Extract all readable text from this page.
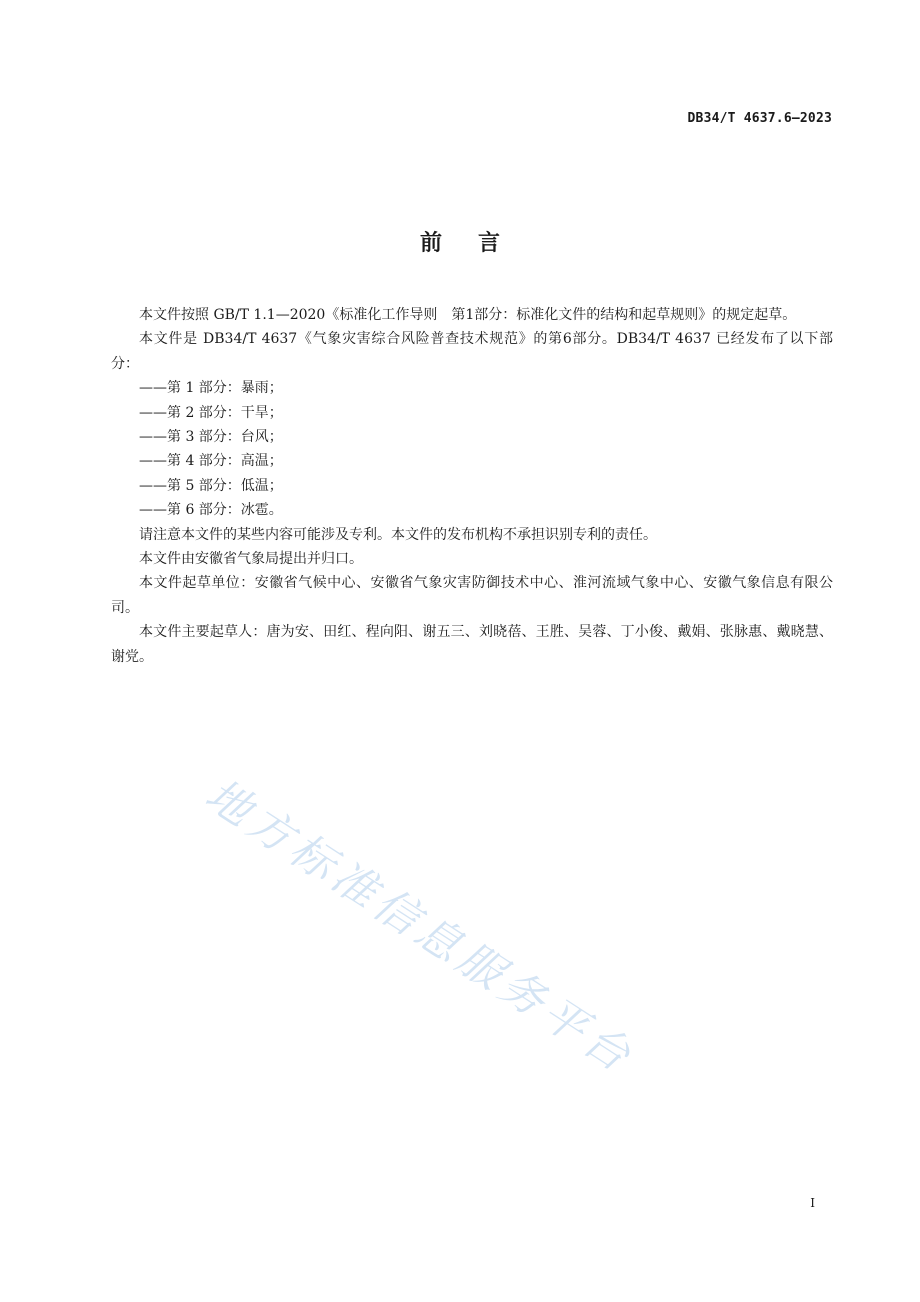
DB34/T 4637.6—2023
前言

本文件按照 GB/T 1.1—2020《标准化工作导则　第1部分：标准化文件的结构和起草规则》的规定起草。

本文件是 DB34/T 4637《气象灾害综合风险普查技术规范》的第6部分。DB34/T 4637 已经发布了以下部分：

——第 1 部分：暴雨；

——第 2 部分：干旱；

——第 3 部分：台风；

——第 4 部分：高温；

——第 5 部分：低温；

——第 6 部分：冰雹。

请注意本文件的某些内容可能涉及专利。本文件的发布机构不承担识别专利的责任。

本文件由安徽省气象局提出并归口。

本文件起草单位：安徽省气候中心、安徽省气象灾害防御技术中心、淮河流域气象中心、安徽气象信息有限公司。

本文件主要起草人：唐为安、田红、程向阳、谢五三、刘晓蓓、王胜、吴蓉、丁小俊、戴娟、张脉惠、戴晓慧、谢党。

地方标准信息服务平台
I
